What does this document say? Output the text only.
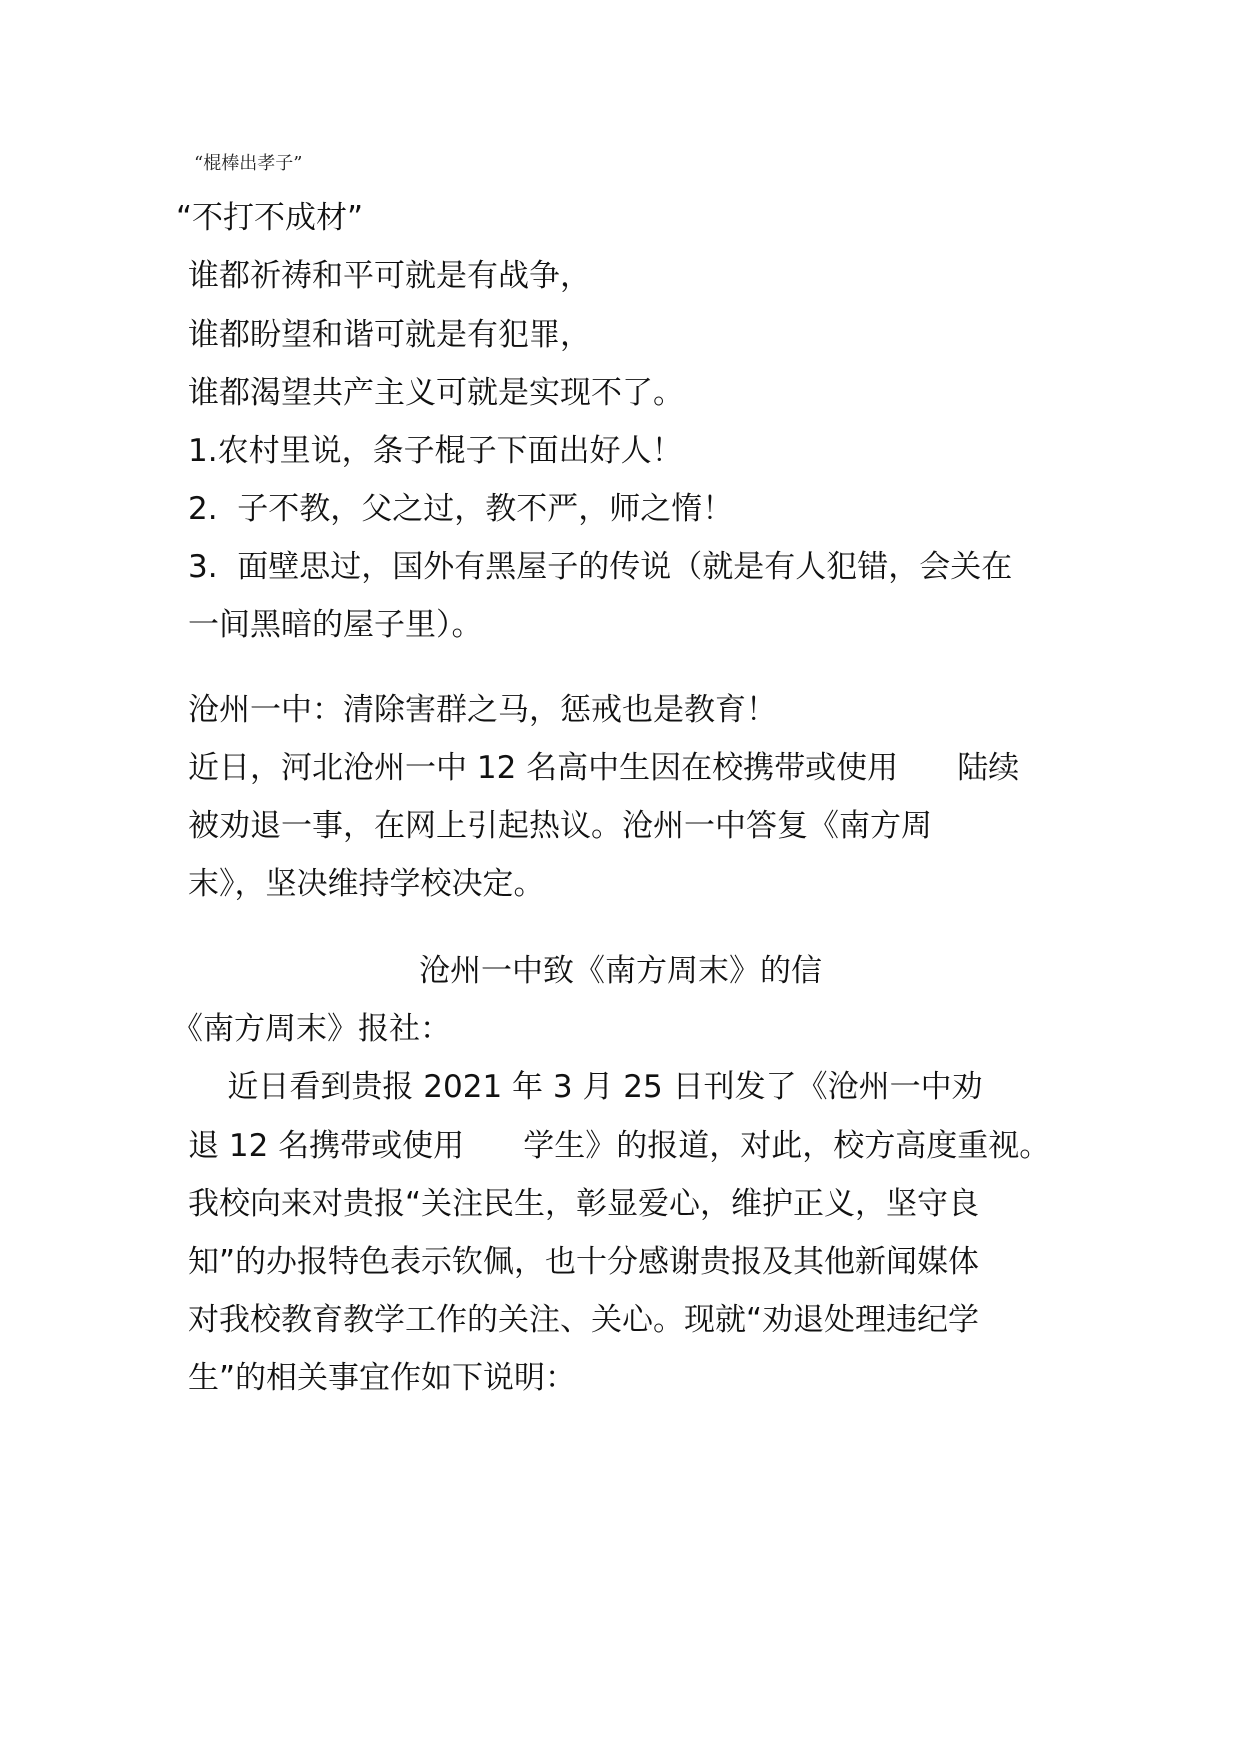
“棍棒出孝子”
“不打不成材”
谁都祈祷和平可就是有战争，
谁都盼望和谐可就是有犯罪，
谁都渴望共产主义可就是实现不了。
1.农村里说，条子棍子下面出好人！
2.  子不教，父之过，教不严，师之惰！
3.  面壁思过，国外有黑屋子的传说（就是有人犯错，会关在
一间黑暗的屋子里）。
沧州一中：清除害群之马，惩戒也是教育！
近日，河北沧州一中 12 名高中生因在校携带或使用      陆续
被劝退一事，在网上引起热议。沧州一中答复《南方周
末》，坚决维持学校决定。
沧州一中致《南方周末》的信
《南方周末》报社：
近日看到贵报 2021 年 3 月 25 日刊发了《沧州一中劝
退 12 名携带或使用      学生》的报道，对此，校方高度重视。
我校向来对贵报“关注民生，彰显爱心，维护正义，坚守良
知”的办报特色表示钦佩，也十分感谢贵报及其他新闻媒体
对我校教育教学工作的关注、关心。现就“劝退处理违纪学
生”的相关事宜作如下说明：
